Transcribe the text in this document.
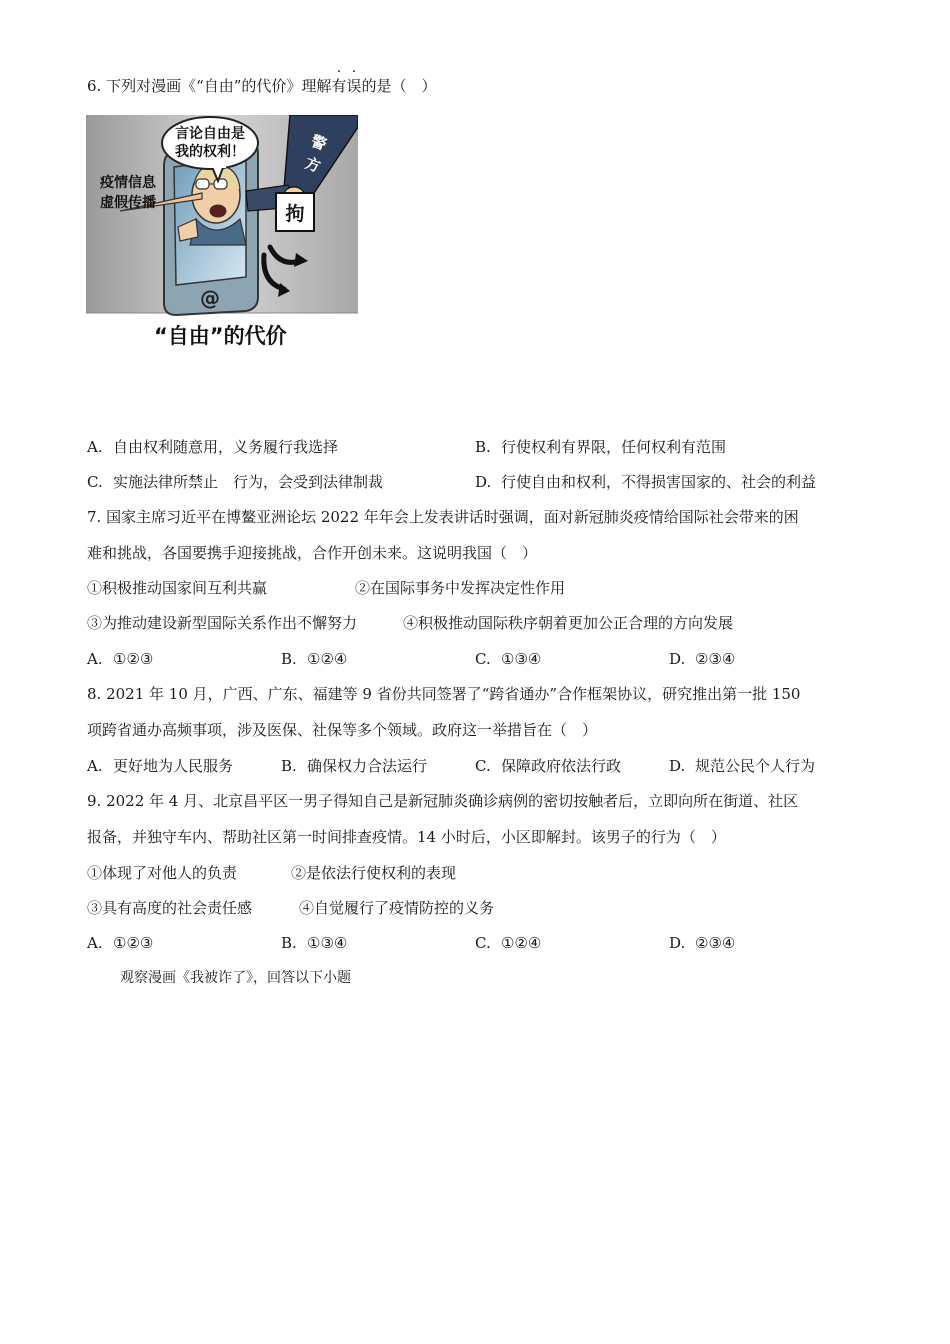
6. 下列对漫画《“自由”的代价》理解有误的是（　）
@
言论自由是
我的权利！
疫情信息
虚假传播
警
方
拘
“自由”的代价
A. 自由权利随意用，义务履行我选择	B. 行使权利有界限，任何权利有范围
C. 实施法律所禁止　行为，会受到法律制裁	D. 行使自由和权利，不得损害国家的、社会的利益
7. 国家主席习近平在博鳌亚洲论坛 2022 年年会上发表讲话时强调，面对新冠肺炎疫情给国际社会带来的困
难和挑战，各国要携手迎接挑战，合作开创未来。这说明我国（　）
①积极推动国家间互利共赢	②在国际事务中发挥决定性作用
③为推动建设新型国际关系作出不懈努力	④积极推动国际秩序朝着更加公正合理的方向发展
A. ①②③	B. ①②④	C. ①③④	D. ②③④
8. 2021 年 10 月，广西、广东、福建等 9 省份共同签署了“跨省通办”合作框架协议，研究推出第一批 150
项跨省通办高频事项，涉及医保、社保等多个领域。政府这一举措旨在（　）
A. 更好地为人民服务	B. 确保权力合法运行	C. 保障政府依法行政	D. 规范公民个人行为
9. 2022 年 4 月、北京昌平区一男子得知自己是新冠肺炎确诊病例的密切按触者后，立即向所在街道、社区
报备，并独守车内、帮助社区第一时间排查疫情。14 小时后，小区即解封。该男子的行为（　）
①体现了对他人的负责	②是依法行使权利的表现
③具有高度的社会责任感	④自觉履行了疫情防控的义务
A. ①②③	B. ①③④	C. ①②④	D. ②③④
观察漫画《我被诈了》，回答以下小题
